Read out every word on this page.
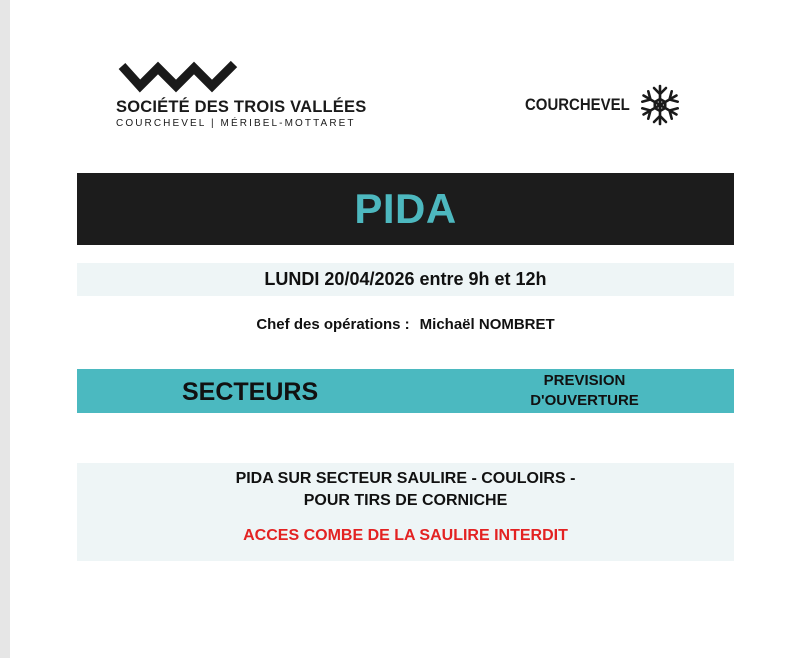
SOCIÉTÉ DES TROIS VALLÉES
COURCHEVEL | MÉRIBEL-MOTTARET
COURCHEVEL
PIDA
LUNDI 20/04/2026 entre 9h et 12h
Chef des opérations : Michaël NOMBRET
SECTEURS	PREVISION
D'OUVERTURE
PIDA SUR SECTEUR SAULIRE - COULOIRS -
POUR TIRS DE CORNICHE
ACCES COMBE DE LA SAULIRE INTERDIT
